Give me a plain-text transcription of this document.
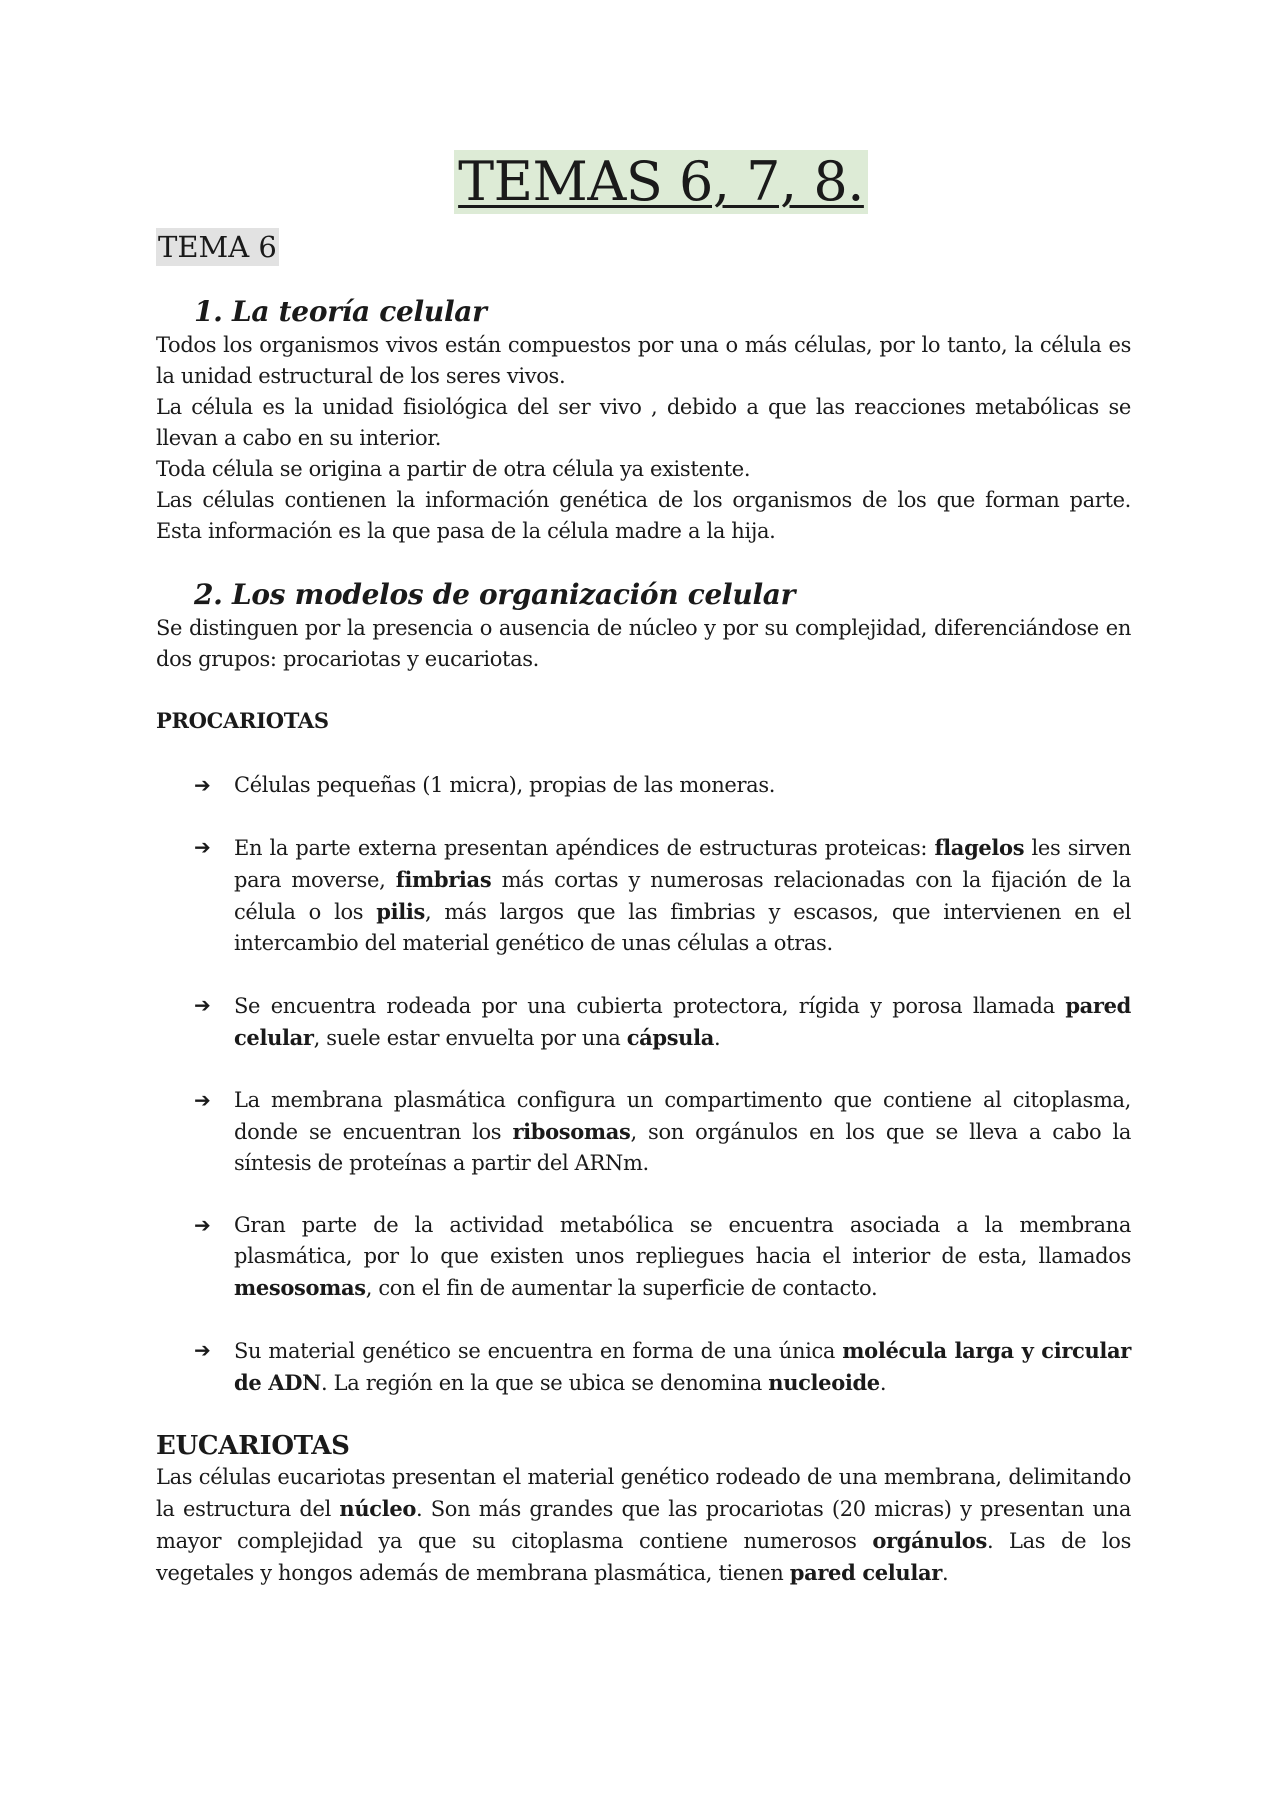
TEMAS 6, 7, 8.
TEMA 6
1. La teoría celular

Todos los organismos vivos están compuestos por una o más células, por lo tanto, la célula es la unidad estructural de los seres vivos.

La célula es la unidad fisiológica del ser vivo , debido a que las reacciones metabólicas se llevan a cabo en su interior.

Toda célula se origina a partir de otra célula ya existente.

Las células contienen la información genética de los organismos de los que forman parte. Esta información es la que pasa de la célula madre a la hija.

2. Los modelos de organización celular

Se distinguen por la presencia o ausencia de núcleo y por su complejidad, diferenciándose en dos grupos: procariotas y eucariotas.

PROCARIOTAS
➔ Células pequeñas (1 micra), propias de las moneras.
➔ En la parte externa presentan apéndices de estructuras proteicas: flagelos les sirven para moverse, fimbrias más cortas y numerosas relacionadas con la fijación de la célula o los pilis, más largos que las fimbrias y escasos, que intervienen en el intercambio del material genético de unas células a otras.
➔ Se encuentra rodeada por una cubierta protectora, rígida y porosa llamada pared celular, suele estar envuelta por una cápsula.
➔ La membrana plasmática configura un compartimento que contiene al citoplasma, donde se encuentran los ribosomas, son orgánulos en los que se lleva a cabo la síntesis de proteínas a partir del ARNm.
➔ Gran parte de la actividad metabólica se encuentra asociada a la membrana plasmática, por lo que existen unos repliegues hacia el interior de esta, llamados mesosomas, con el fin de aumentar la superficie de contacto.
➔ Su material genético se encuentra en forma de una única molécula larga y circular de ADN. La región en la que se ubica se denomina nucleoide.
EUCARIOTAS

Las células eucariotas presentan el material genético rodeado de una membrana, delimitando la estructura del núcleo. Son más grandes que las procariotas (20 micras) y presentan una mayor complejidad ya que su citoplasma contiene numerosos orgánulos. Las de los vegetales y hongos además de membrana plasmática, tienen pared celular.
